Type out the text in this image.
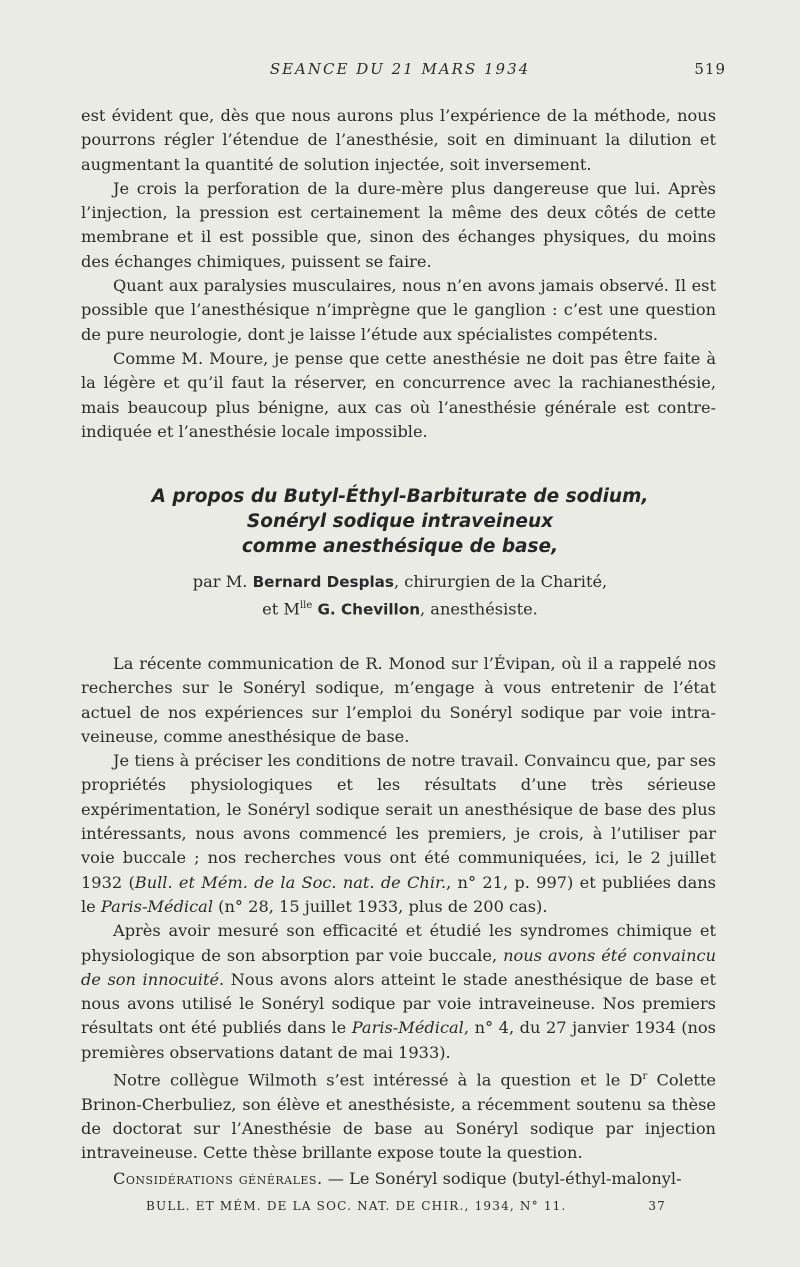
SEANCE DU 21 MARS 1934	519

est évident que, dès que nous aurons plus l’expérience de la méthode, nous pourrons régler l’étendue de l’anesthésie, soit en diminuant la dilution et augmentant la quantité de solution injectée, soit inversement.

Je crois la perforation de la dure-mère plus dangereuse que lui. Après l’injection, la pression est certainement la même des deux côtés de cette membrane et il est possible que, sinon des échanges physiques, du moins des échanges chimiques, puissent se faire.

Quant aux paralysies musculaires, nous n’en avons jamais observé. Il est possible que l’anesthésique n’imprègne que le ganglion : c’est une question de pure neurologie, dont je laisse l’étude aux spécialistes compétents.

Comme M. Moure, je pense que cette anesthésie ne doit pas être faite à la légère et qu’il faut la réserver, en concurrence avec la rachianesthésie, mais beaucoup plus bénigne, aux cas où l’anesthésie générale est contre-indiquée et l’anesthésie locale impossible.

A propos du Butyl-Éthyl-Barbiturate de sodium,
Sonéryl sodique intraveineux
comme anesthésique de base,
par M. Bernard Desplas, chirurgien de la Charité,
et $M^{lle}$ G. Chevillon, anesthésiste.

La récente communication de R. Monod sur l’Évipan, où il a rappelé nos recherches sur le Sonéryl sodique, m’engage à vous entretenir de l’état actuel de nos expériences sur l’emploi du Sonéryl sodique par voie intra-veineuse, comme anesthésique de base.

Je tiens à préciser les conditions de notre travail. Convaincu que, par ses propriétés physiologiques et les résultats d’une très sérieuse expérimentation, le Sonéryl sodique serait un anesthésique de base des plus intéressants, nous avons commencé les premiers, je crois, à l’utiliser par voie buccale ; nos recherches vous ont été communiquées, ici, le 2 juillet 1932 (Bull. et Mém. de la Soc. nat. de Chir., n° 21, p. 997) et publiées dans le Paris-Médical (n° 28, 15 juillet 1933, plus de 200 cas).

Après avoir mesuré son efficacité et étudié les syndromes chimique et physiologique de son absorption par voie buccale, nous avons été convaincu de son innocuité. Nous avons alors atteint le stade anesthésique de base et nous avons utilisé le Sonéryl sodique par voie intraveineuse. Nos premiers résultats ont été publiés dans le Paris-Médical, n° 4, du 27 janvier 1934 (nos premières observations datant de mai 1933).

Notre collègue Wilmoth s’est intéressé à la question et le $D^r$ Colette Brinon-Cherbuliez, son élève et anesthésiste, a récemment soutenu sa thèse de doctorat sur l’Anesthésie de base au Sonéryl sodique par injection intraveineuse. Cette thèse brillante expose toute la question.

Considérations générales. — Le Sonéryl sodique (butyl-éthyl-malonyl-
BULL. ET MÉM. DE LA SOC. NAT. DE CHIR., 1934, N° 11.	37
